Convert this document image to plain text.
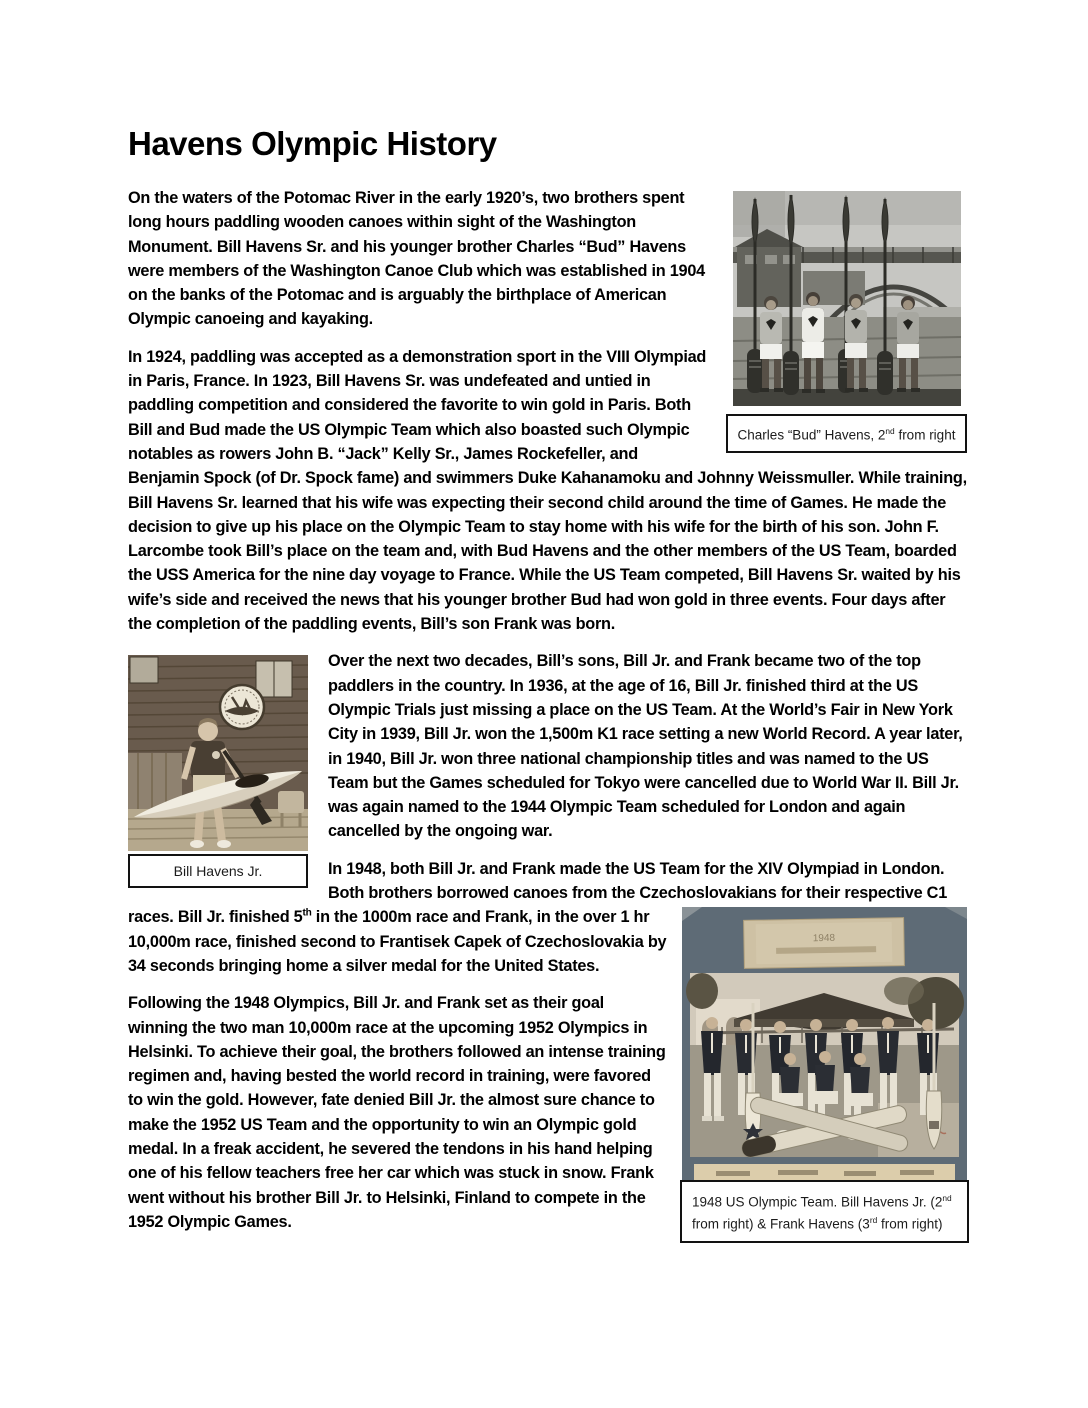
Havens Olympic History
Charles “Bud” Havens, 2nd from right

On the waters of the Potomac River in the early 1920’s, two brothers spent long hours paddling wooden canoes within sight of the Washington Monument. Bill Havens Sr. and his younger brother Charles “Bud” Havens were members of the Washington Canoe Club which was established in 1904 on the banks of the Potomac and is arguably the birthplace of American Olympic canoeing and kayaking.

In 1924, paddling was accepted as a demonstration sport in the VIII Olympiad in Paris, France. In 1923, Bill Havens Sr. was undefeated and untied in paddling competition and considered the favorite to win gold in Paris. Both Bill and Bud made the US Olympic Team which also boasted such Olympic notables as rowers John B. “Jack” Kelly Sr., James Rockefeller, and Benjamin Spock (of Dr. Spock fame) and swimmers Duke Kahanamoku and Johnny Weissmuller. While training, Bill Havens Sr. learned that his wife was expecting their second child around the time of Games. He made the decision to give up his place on the Olympic Team to stay home with his wife for the birth of his son. John F. Larcombe took Bill’s place on the team and, with Bud Havens and the other members of the US Team, boarded the USS America for the nine day voyage to France. While the US Team competed, Bill Havens Sr. waited by his wife’s side and received the news that his younger brother Bud had won gold in three events. Four days after the completion of the paddling events, Bill’s son Frank was born.

Bill Havens Jr.

Over the next two decades, Bill’s sons, Bill Jr. and Frank became two of the top paddlers in the country. In 1936, at the age of 16, Bill Jr. finished third at the US Olympic Trials just missing a place on the US Team. At the World’s Fair in New York City in 1939, Bill Jr. won the 1,500m K1 race setting a new World Record. A year later, in 1940, Bill Jr. won three national championship titles and was named to the US Team but the Games scheduled for Tokyo were cancelled due to World War II. Bill Jr. was again named to the 1944 Olympic Team scheduled for London and again cancelled by the ongoing war.

1948
1948 US Olympic Team. Bill Havens Jr. (2nd from right) & Frank Havens (3rd from right)

In 1948, both Bill Jr. and Frank made the US Team for the XIV Olympiad in London. Both brothers borrowed canoes from the Czechoslovakians for their respective C1 races. Bill Jr. finished 5th in the 1000m race and Frank, in the over 1 hr 10,000m race, finished second to Frantisek Capek of Czechoslovakia by 34 seconds bringing home a silver medal for the United States.

Following the 1948 Olympics, Bill Jr. and Frank set as their goal winning the two man 10,000m race at the upcoming 1952 Olympics in Helsinki. To achieve their goal, the brothers followed an intense training regimen and, having bested the world record in training, were favored to win the gold. However, fate denied Bill Jr. the almost sure chance to make the 1952 US Team and the opportunity to win an Olympic gold medal. In a freak accident, he severed the tendons in his hand helping one of his fellow teachers free her car which was stuck in snow. Frank went without his brother Bill Jr. to Helsinki, Finland to compete in the 1952 Olympic Games.
